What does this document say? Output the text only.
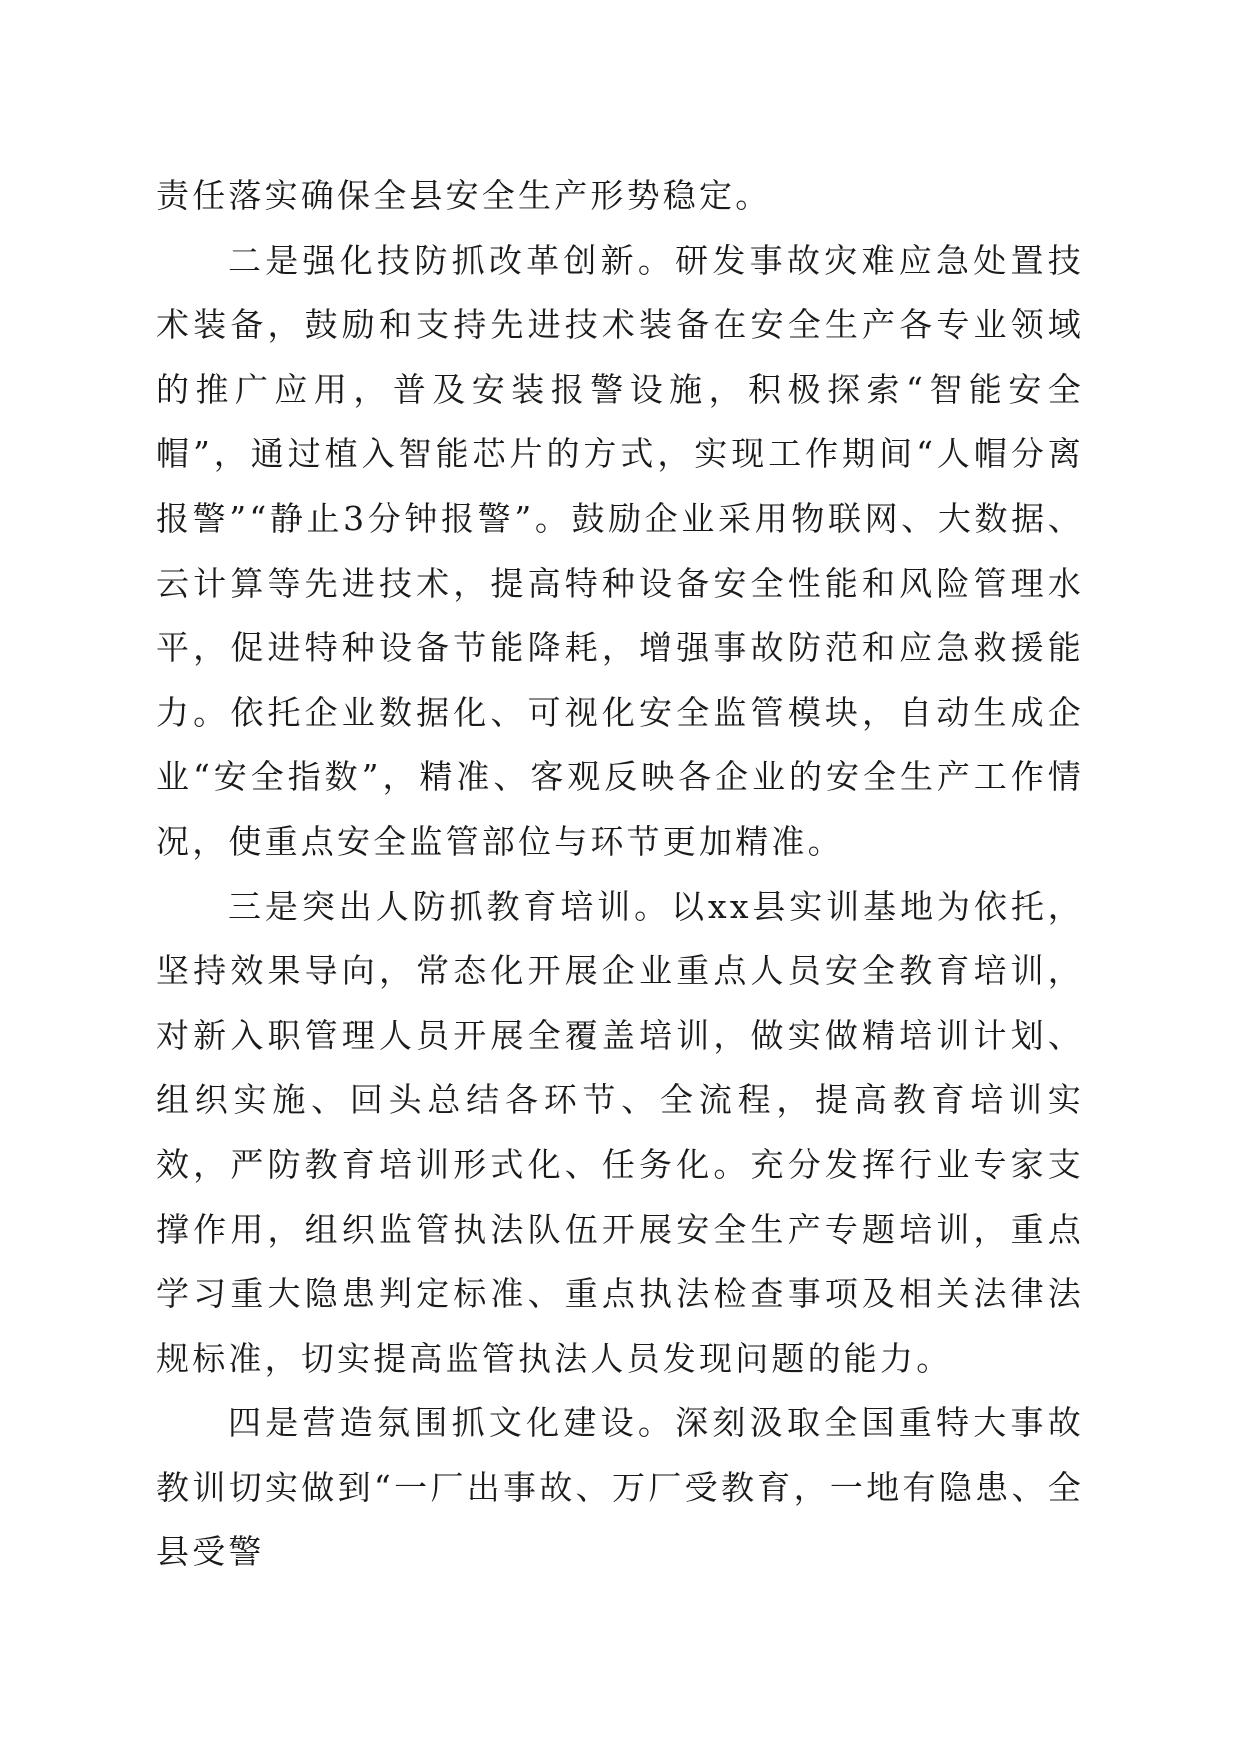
责任落实确保全县安全生产形势稳定。

二是强化技防抓改革创新。研发事故灾难应急处置技术装备，鼓励和支持先进技术装备在安全生产各专业领域的推广应用，普及安装报警设施，积极探索“智能安全帽”，通过植入智能芯片的方式，实现工作期间“人帽分离报警”“静止3分钟报警”。鼓励企业采用物联网、大数据、云计算等先进技术，提高特种设备安全性能和风险管理水平，促进特种设备节能降耗，增强事故防范和应急救援能力。依托企业数据化、可视化安全监管模块，自动生成企业“安全指数”，精准、客观反映各企业的安全生产工作情况，使重点安全监管部位与环节更加精准。

三是突出人防抓教育培训。以xx县实训基地为依托，坚持效果导向，常态化开展企业重点人员安全教育培训，对新入职管理人员开展全覆盖培训，做实做精培训计划、组织实施、回头总结各环节、全流程，提高教育培训实效，严防教育培训形式化、任务化。充分发挥行业专家支撑作用，组织监管执法队伍开展安全生产专题培训，重点学习重大隐患判定标准、重点执法检查事项及相关法律法规标准，切实提高监管执法人员发现问题的能力。

四是营造氛围抓文化建设。深刻汲取全国重特大事故教训切实做到“一厂出事故、万厂受教育，一地有隐患、全县受警
